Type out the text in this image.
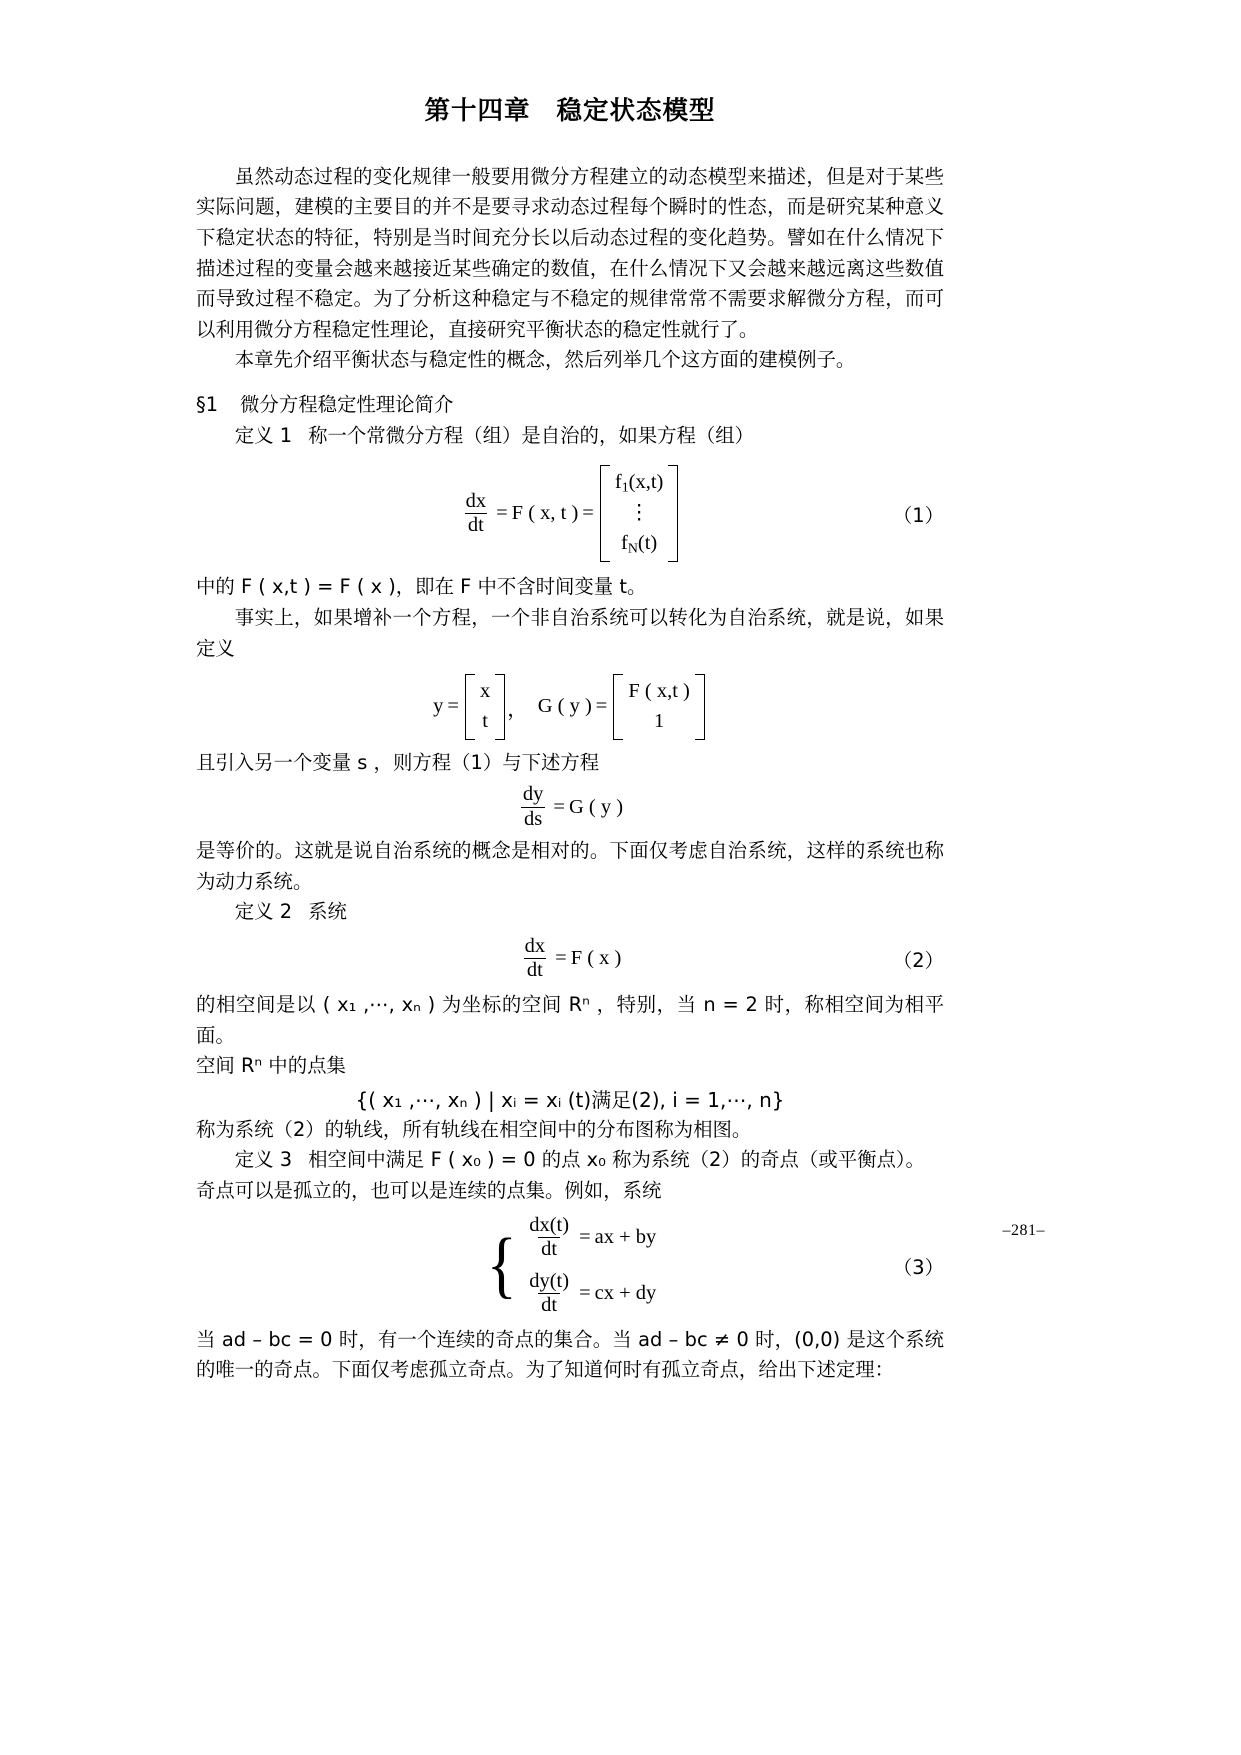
第十四章 稳定状态模型

虽然动态过程的变化规律一般要用微分方程建立的动态模型来描述，但是对于某些实际问题，建模的主要目的并不是要寻求动态过程每个瞬时的性态，而是研究某种意义下稳定状态的特征，特别是当时间充分长以后动态过程的变化趋势。譬如在什么情况下描述过程的变量会越来越接近某些确定的数值，在什么情况下又会越来越远离这些数值而导致过程不稳定。为了分析这种稳定与不稳定的规律常常不需要求解微分方程，而可以利用微分方程稳定性理论，直接研究平衡状态的稳定性就行了。

本章先介绍平衡状态与稳定性的概念，然后列举几个这方面的建模例子。

§1 微分方程稳定性理论简介

定义 1 称一个常微分方程（组）是自治的，如果方程（组）

$\frac{dx}{dt} = F$ ( x, t ) =
$f_1(x,t)$
⋮
$f_N(t)$
（1）

中的 F ( x,t ) = F ( x )，即在 F 中不含时间变量 t。

事实上，如果增补一个方程，一个非自治系统可以转化为自治系统，就是说，如果定义

y =
x
t ， G ( y ) =
F ( x,t )
1

且引入另一个变量 s ，则方程（1）与下述方程

$\frac{dy}{ds} = G$ ( y )

是等价的。这就是说自治系统的概念是相对的。下面仅考虑自治系统，这样的系统也称为动力系统。

定义 2 系统

$\frac{dx}{dt} = F$ ( x )	（2）

的相空间是以 ( x₁ ,⋯, xₙ ) 为坐标的空间 Rⁿ ，特别，当 n = 2 时，称相空间为相平面。

空间 Rⁿ 中的点集

{( x₁ ,⋯, xₙ ) | xᵢ = xᵢ (t)满足(2), i = 1,⋯, n}

称为系统（2）的轨线，所有轨线在相空间中的分布图称为相图。

定义 3 相空间中满足 F ( x₀ ) = 0 的点 x₀ 称为系统（2）的奇点（或平衡点）。

奇点可以是孤立的，也可以是连续的点集。例如，系统

{ $\frac{dx(t)}{dt}$ = ax + by
$\frac{dy(t)}{dt}$ = cx + dy
（3）

当 ad – bc = 0 时，有一个连续的奇点的集合。当 ad – bc ≠ 0 时，(0,0) 是这个系统的唯一的奇点。下面仅考虑孤立奇点。为了知道何时有孤立奇点，给出下述定理：

–281–
